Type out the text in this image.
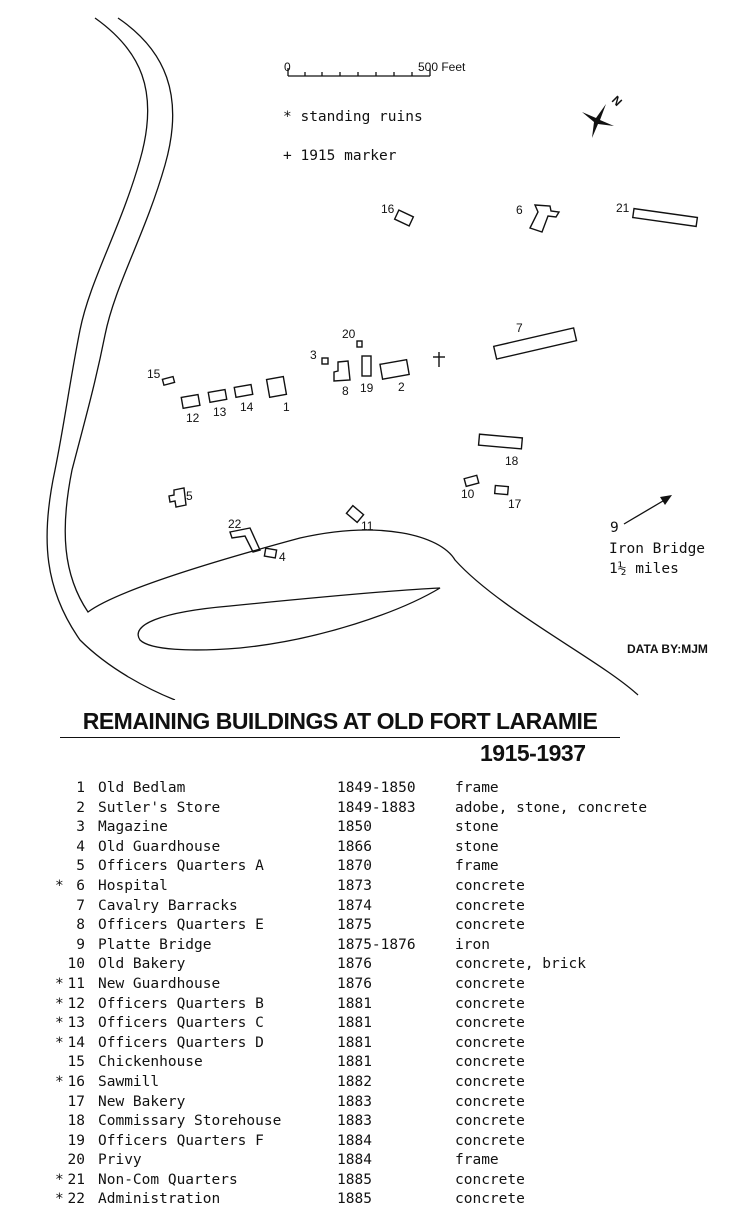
0	500 Feet
* standing ruins
+ 1915 marker
N
16	6	21
20	7
3
8 19 2
15
12 13 14 1
18
10
17
5
11
22
4
9
Iron Bridge
1½ miles
DATA BY:MJM
REMAINING BUILDINGS AT OLD FORT LARAMIE
1915-1937
1 Old Bedlam	1849-1850	frame
2 Sutler's Store	1849-1883	adobe, stone, concrete
3 Magazine	1850	stone
4 Old Guardhouse	1866	stone
5 Officers Quarters A	1870	frame
* 6 Hospital	1873	concrete
7 Cavalry Barracks	1874	concrete
8 Officers Quarters E	1875	concrete
9 Platte Bridge	1875-1876	iron
10 Old Bakery	1876	concrete, brick
* 11 New Guardhouse	1876	concrete
* 12 Officers Quarters B	1881	concrete
* 13 Officers Quarters C	1881	concrete
* 14 Officers Quarters D	1881	concrete
15 Chickenhouse	1881	concrete
* 16 Sawmill	1882	concrete
17 New Bakery	1883	concrete
18 Commissary Storehouse	1883	concrete
19 Officers Quarters F	1884	concrete
20 Privy	1884	frame
* 21 Non-Com Quarters	1885	concrete
* 22 Administration	1885	concrete
